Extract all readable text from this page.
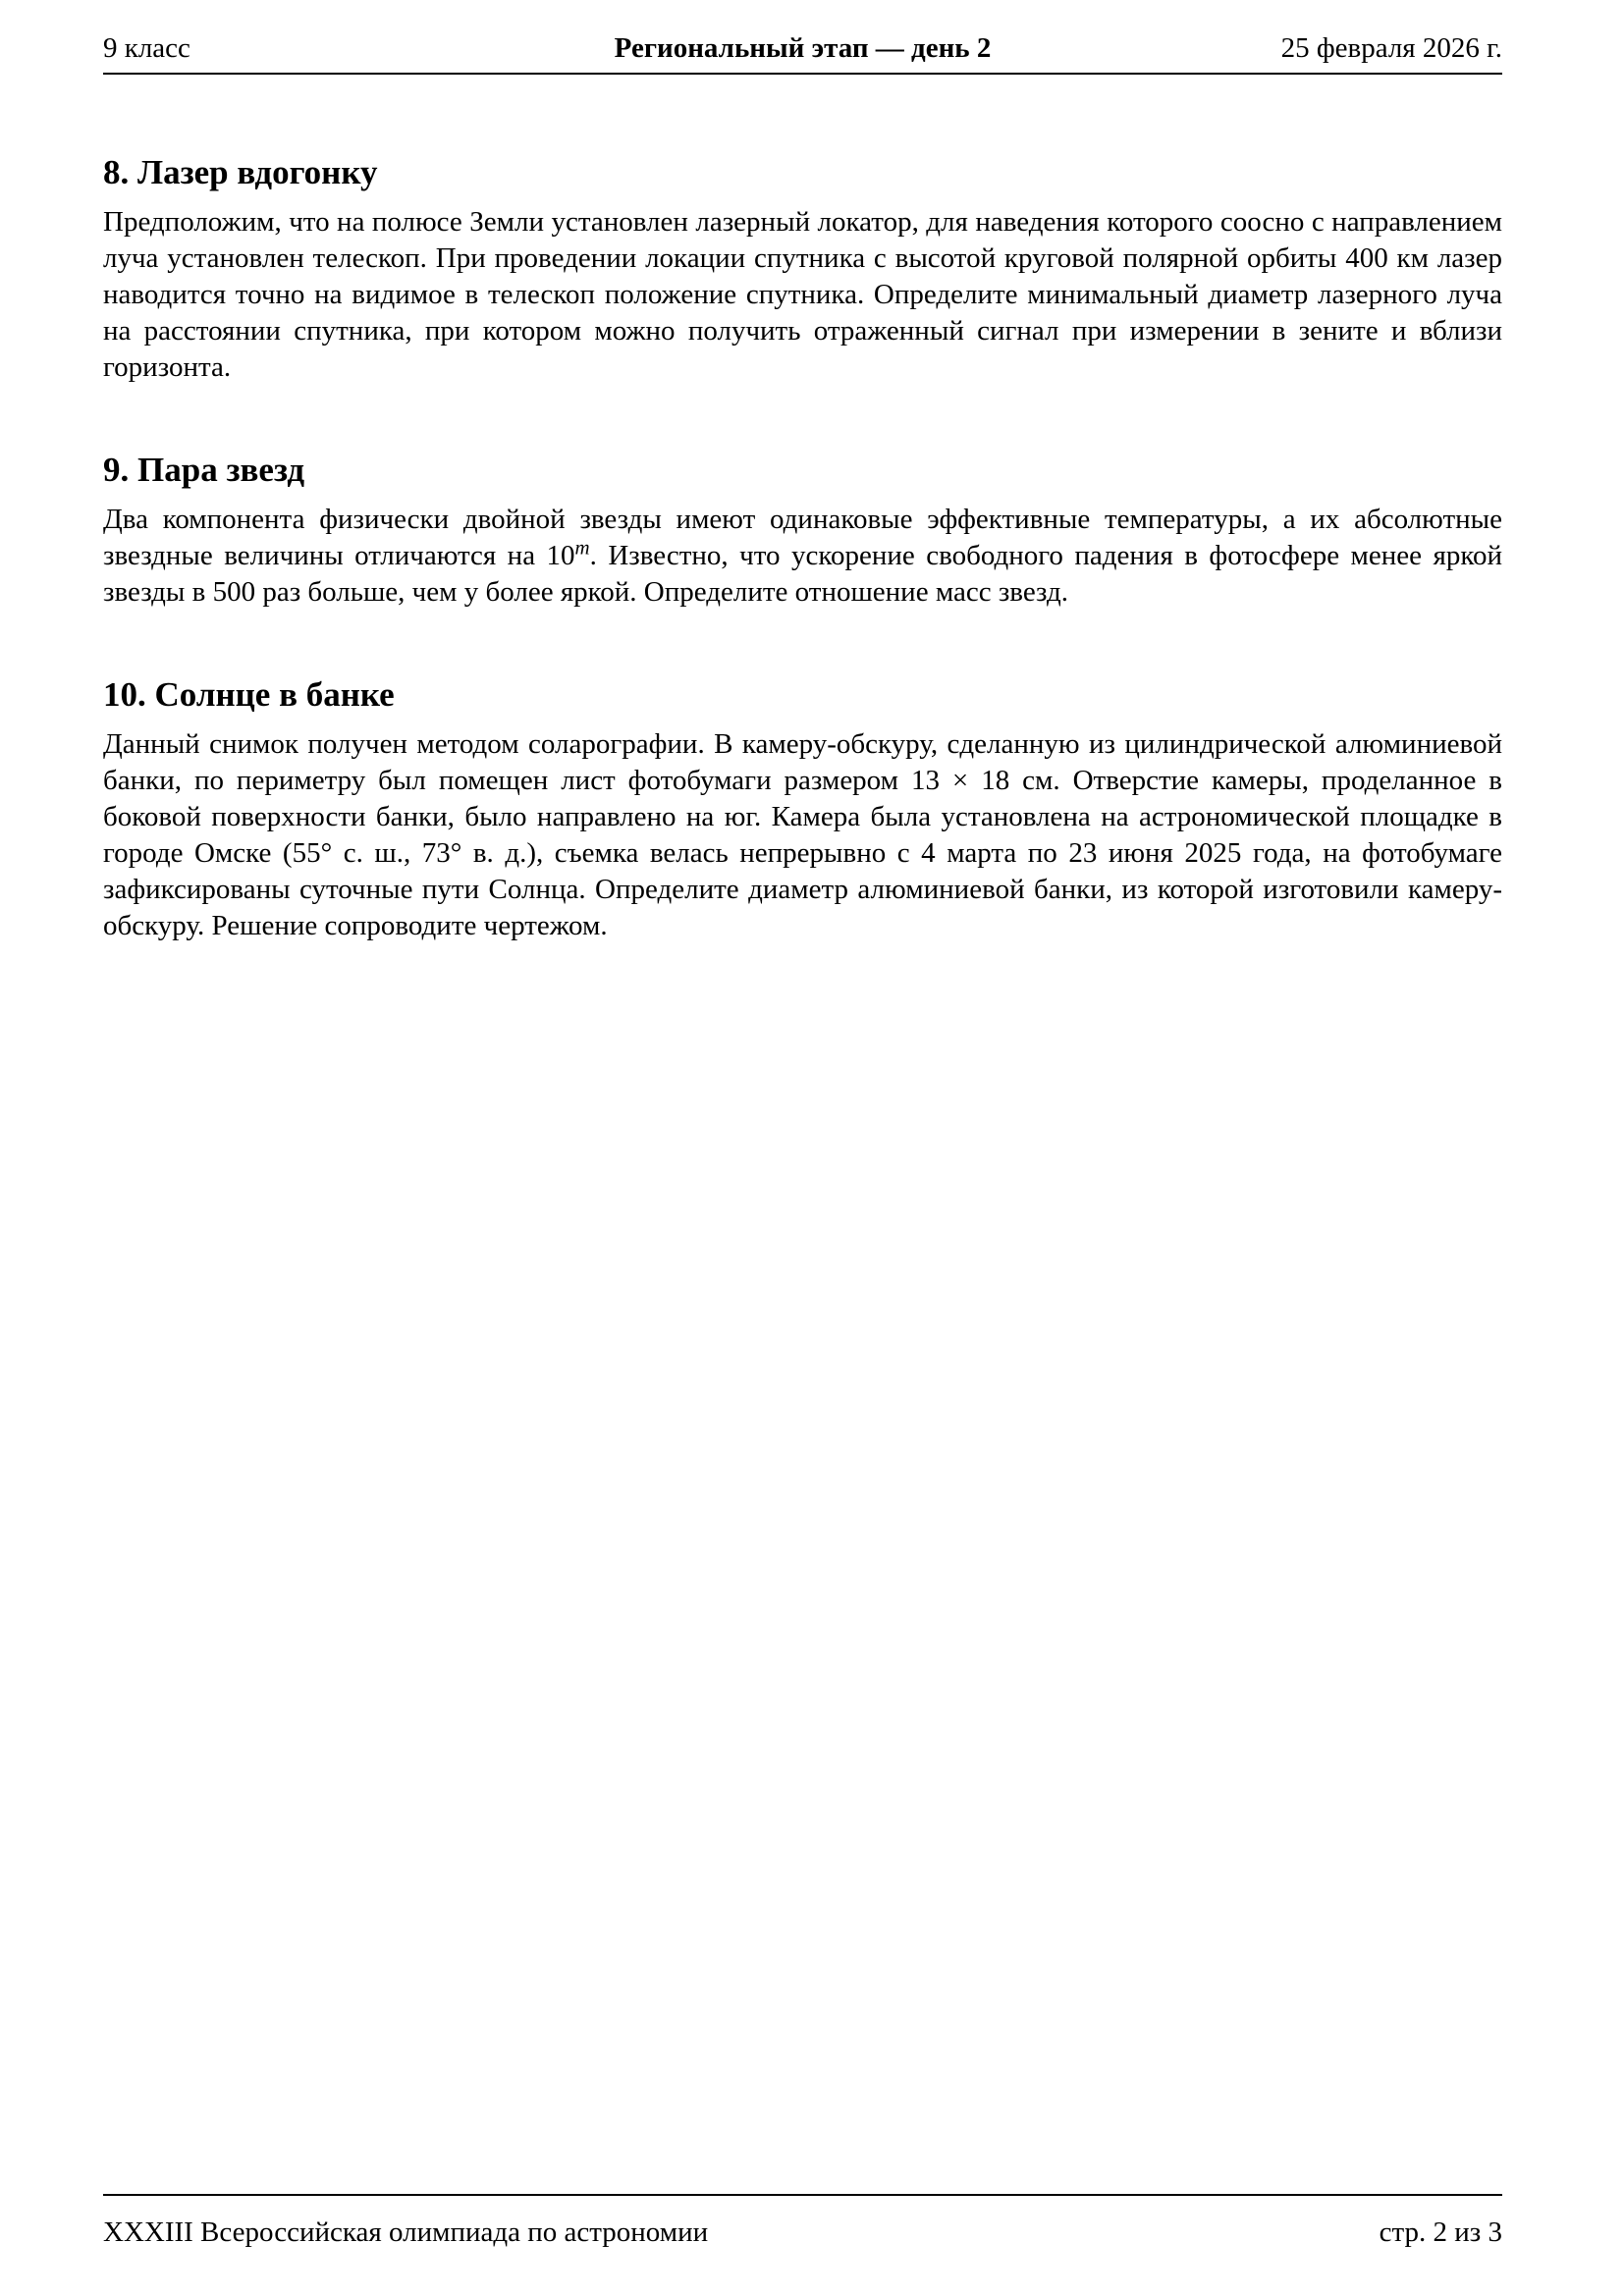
9 класс	Региональный этап — день 2	25 февраля 2026 г.
8. Лазер вдогонку

Предположим, что на полюсе Земли установлен лазерный локатор, для наведения которого соосно с направлением луча установлен телескоп. При проведении локации спутника с высотой круговой полярной орбиты 400 км лазер наводится точно на видимое в телескоп положение спутника. Определите минимальный диаметр лазерного луча на расстоянии спутника, при котором можно получить отраженный сигнал при измерении в зените и вблизи горизонта.

9. Пара звезд

Два компонента физически двойной звезды имеют одинаковые эффективные температуры, а их абсолютные звездные величины отличаются на 10$^m$. Известно, что ускорение свободного падения в фотосфере менее яркой звезды в 500 раз больше, чем у более яркой. Определите отношение масс звезд.

10. Солнце в банке

Данный снимок получен методом соларографии. В камеру-обскуру, сделанную из цилиндрической алюминиевой банки, по периметру был помещен лист фотобумаги размером 13 × 18 см. Отверстие камеры, проделанное в боковой поверхности банки, было направлено на юг. Камера была установлена на астрономической площадке в городе Омске (55° с. ш., 73° в. д.), съемка велась непрерывно с 4 марта по 23 июня 2025 года, на фотобумаге зафиксированы суточные пути Солнца. Определите диаметр алюминиевой банки, из которой изготовили камеру-обскуру. Решение сопроводите чертежом.

XXXIII Всероссийская олимпиада по астрономии	стр. 2 из 3
